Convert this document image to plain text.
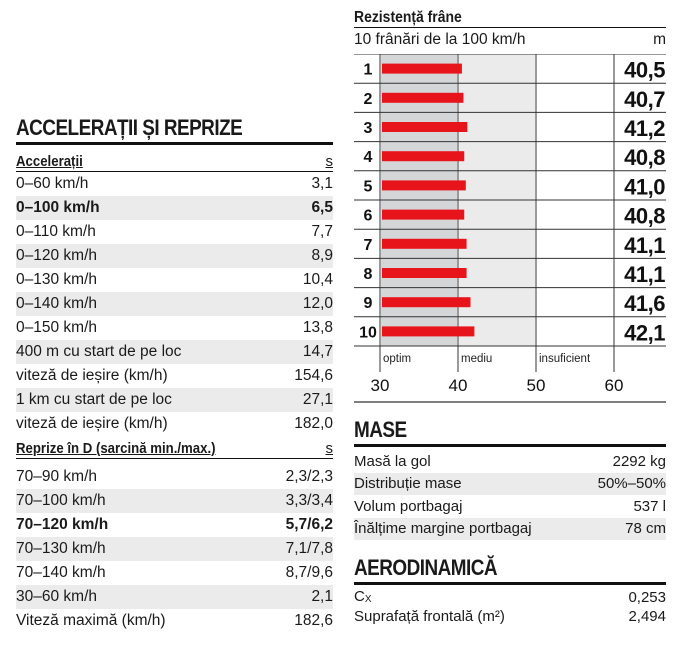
ACCELERAȚII ȘI REPRIZE
Accelerații	s
0–60 km/h	3,1
0–100 km/h	6,5
0–110 km/h	7,7
0–120 km/h	8,9
0–130 km/h	10,4
0–140 km/h	12,0
0–150 km/h	13,8
400 m cu start de pe loc	14,7
viteză de ieșire (km/h)	154,6
1 km cu start de pe loc	27,1
viteză de ieșire (km/h)	182,0
Reprize în D (sarcină min./max.)	s
70–90 km/h	2,3/2,3
70–100 km/h	3,3/3,4
70–120 km/h	5,7/6,2
70–130 km/h	7,1/7,8
70–140 km/h	8,7/9,6
30–60 km/h	2,1
Viteză maximă (km/h)	182,6
Rezistență frâne
10 frânări de la 100 km/h	m
1	40,5
2	40,7
3	41,2
4	40,8
5	41,0
6	40,8
7	41,1
8	41,1
9	41,6
10	42,1
optim	mediu	insuficient
30	40	50	60
MASE
Masă la gol	2292 kg
Distribuție mase	50%–50%
Volum portbagaj	537 l
Înălțime margine portbagaj	78 cm
AERODINAMICĂ
$C_X$	0,253
Suprafață frontală (m²)	2,494
